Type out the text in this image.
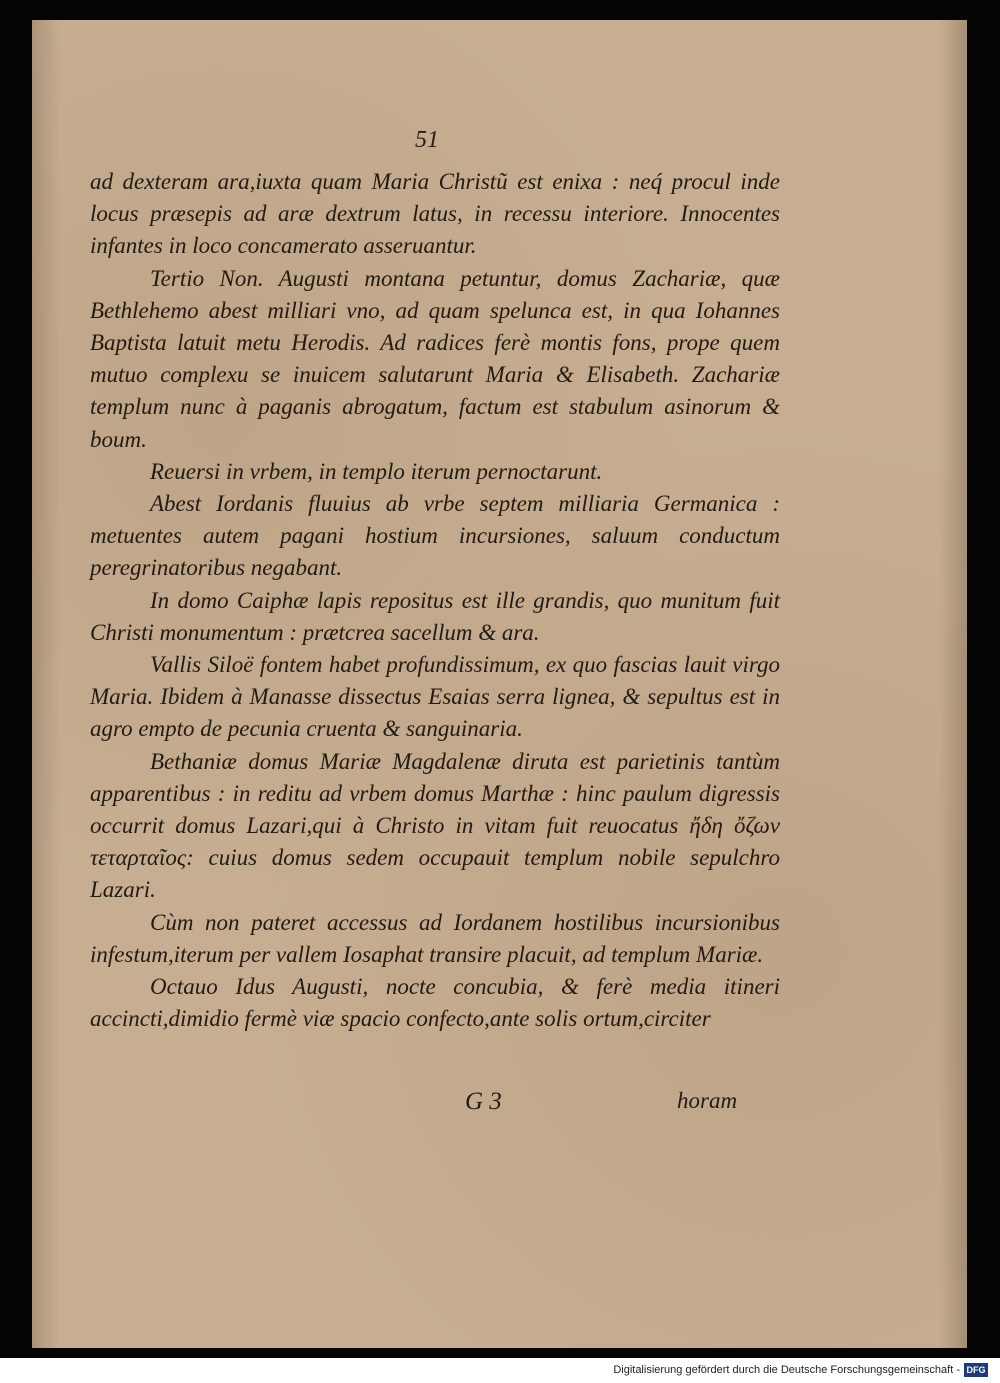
51

ad dexteram ara,iuxta quam Maria Christũ est enixa : neq́ procul inde locus præsepis ad aræ dextrum latus, in recessu interiore. Innocentes infantes in loco concamerato asseruantur.

Tertio Non. Augusti montana petuntur, domus Zachariæ, quæ Bethlehemo abest milliari vno, ad quam spelunca est, in qua Iohannes Baptista latuit metu Herodis. Ad radices ferè montis fons, prope quem mutuo complexu se inuicem salutarunt Maria & Elisabeth. Zachariæ templum nunc à paganis abrogatum, factum est stabulum asinorum & boum.

Reuersi in vrbem, in templo iterum pernoctarunt.

Abest Iordanis fluuius ab vrbe septem milliaria Germanica : metuentes autem pagani hostium incursiones, saluum conductum peregrinatoribus negabant.

In domo Caiphæ lapis repositus est ille grandis, quo munitum fuit Christi monumentum : prætcrea sacellum & ara.

Vallis Siloë fontem habet profundissimum, ex quo fascias lauit virgo Maria. Ibidem à Manasse dissectus Esaias serra lignea, & sepultus est in agro empto de pecunia cruenta & sanguinaria.

Bethaniæ domus Mariæ Magdalenæ diruta est parietinis tantùm apparentibus : in reditu ad vrbem domus Marthæ : hinc paulum digressis occurrit domus Lazari,qui à Christo in vitam fuit reuocatus ἤδη ὄζων τεταρταῖος: cuius domus sedem occupauit templum nobile sepulchro Lazari.

Cùm non pateret accessus ad Iordanem hostilibus incursionibus infestum,iterum per vallem Iosaphat transire placuit, ad templum Mariæ.

Octauo Idus Augusti, nocte concubia, & ferè media itineri accincti,dimidio fermè viæ spacio confecto,ante solis ortum,circiter

G 3	horam
Digitalisierung gefördert durch die Deutsche Forschungsgemeinschaft - DFG
